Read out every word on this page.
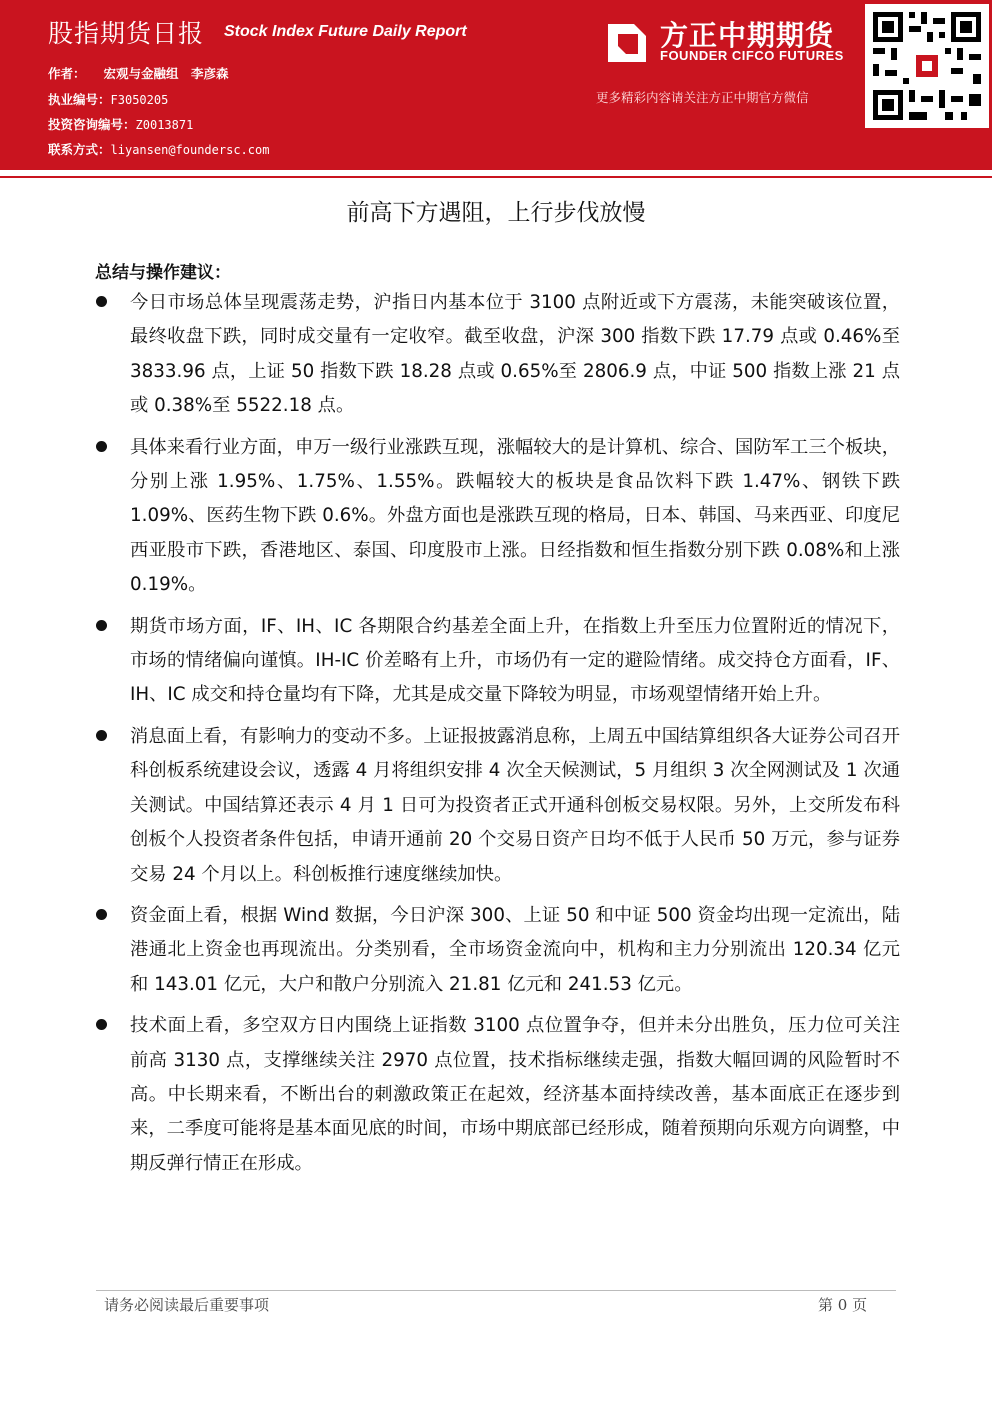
股指期货日报 Stock Index Future Daily Report
作者： 宏观与金融组　李彦森
执业编号：F3050205
投资咨询编号：Z0013871
联系方式：liyansen@foundersc.com
方正中期期货
FOUNDER CIFCO FUTURES
更多精彩内容请关注方正中期官方微信
前高下方遇阻，上行步伐放慢
总结与操作建议：

今日市场总体呈现震荡走势，沪指日内基本位于 3100 点附近或下方震荡，未能突破该位置，最终收盘下跌，同时成交量有一定收窄。截至收盘，沪深 300 指数下跌 17.79 点或 0.46%至 3833.96 点，上证 50 指数下跌 18.28 点或 0.65%至 2806.9 点，中证 500 指数上涨 21 点或 0.38%至 5522.18 点。

具体来看行业方面，申万一级行业涨跌互现，涨幅较大的是计算机、综合、国防军工三个板块，分别上涨 1.95%、1.75%、1.55%。跌幅较大的板块是食品饮料下跌 1.47%、钢铁下跌 1.09%、医药生物下跌 0.6%。外盘方面也是涨跌互现的格局，日本、韩国、马来西亚、印度尼西亚股市下跌，香港地区、泰国、印度股市上涨。日经指数和恒生指数分别下跌 0.08%和上涨 0.19%。

期货市场方面，IF、IH、IC 各期限合约基差全面上升，在指数上升至压力位置附近的情况下，市场的情绪偏向谨慎。IH-IC 价差略有上升，市场仍有一定的避险情绪。成交持仓方面看，IF、IH、IC 成交和持仓量均有下降，尤其是成交量下降较为明显，市场观望情绪开始上升。

消息面上看，有影响力的变动不多。上证报披露消息称，上周五中国结算组织各大证券公司召开科创板系统建设会议，透露 4 月将组织安排 4 次全天候测试，5 月组织 3 次全网测试及 1 次通关测试。中国结算还表示 4 月 1 日可为投资者正式开通科创板交易权限。另外，上交所发布科创板个人投资者条件包括，申请开通前 20 个交易日资产日均不低于人民币 50 万元，参与证券交易 24 个月以上。科创板推行速度继续加快。

资金面上看，根据 Wind 数据，今日沪深 300、上证 50 和中证 500 资金均出现一定流出，陆港通北上资金也再现流出。分类别看，全市场资金流向中，机构和主力分别流出 120.34 亿元和 143.01 亿元，大户和散户分别流入 21.81 亿元和 241.53 亿元。

技术面上看，多空双方日内围绕上证指数 3100 点位置争夺，但并未分出胜负，压力位可关注前高 3130 点，支撑继续关注 2970 点位置，技术指标继续走强，指数大幅回调的风险暂时不高。中长期来看，不断出台的刺激政策正在起效，经济基本面持续改善，基本面底正在逐步到来，二季度可能将是基本面见底的时间，市场中期底部已经形成，随着预期向乐观方向调整，中期反弹行情正在形成。

请务必阅读最后重要事项	第 0 页
